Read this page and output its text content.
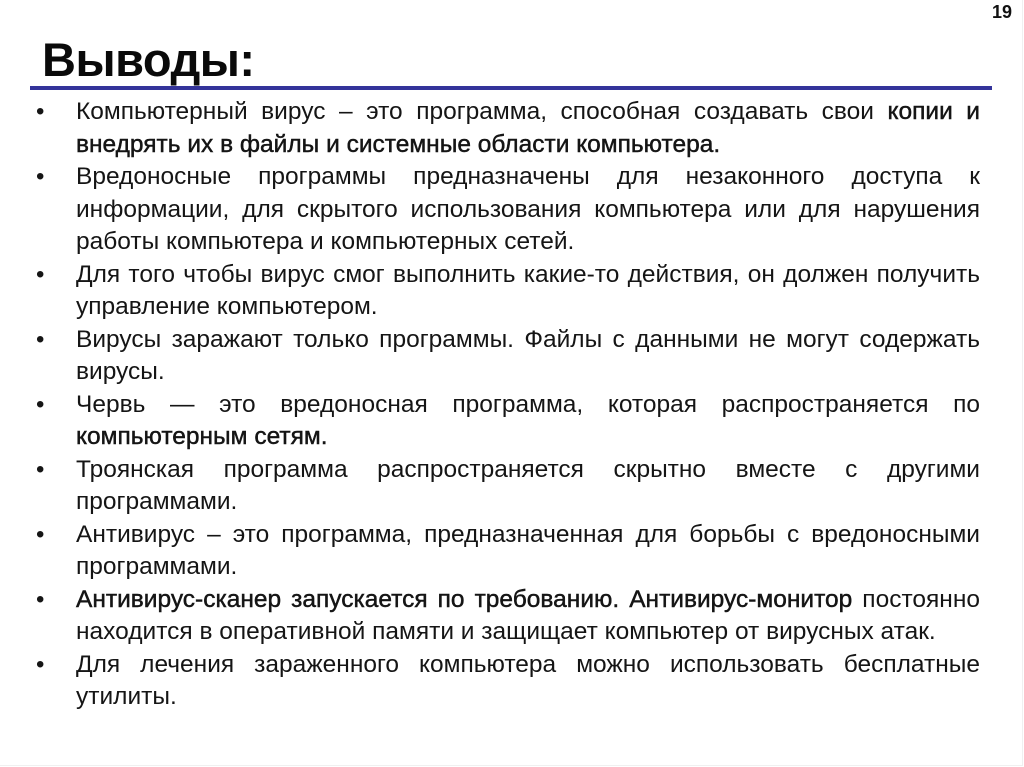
19
Выводы:
• Компьютерный вирус – это программа, способная создавать свои копии и внедрять их в файлы и системные области компьютера.
• Вредоносные программы предназначены для незаконного доступа к информации, для скрытого использования компьютера или для нарушения работы компьютера и компьютерных сетей.
• Для того чтобы вирус смог выполнить какие-то действия, он должен получить управление компьютером.
• Вирусы заражают только программы. Файлы с данными не могут содержать вирусы.
• Червь — это вредоносная программа, которая распространяется по компьютерным сетям.
• Троянская программа распространяется скрытно вместе с другими программами.
• Антивирус – это программа, предназначенная для борьбы с вредоносными программами.
• Антивирус-сканер запускается по требованию. Антивирус-монитор постоянно находится в оперативной памяти и защищает компьютер от вирусных атак.
• Для лечения зараженного компьютера можно использовать бесплатные утилиты.
